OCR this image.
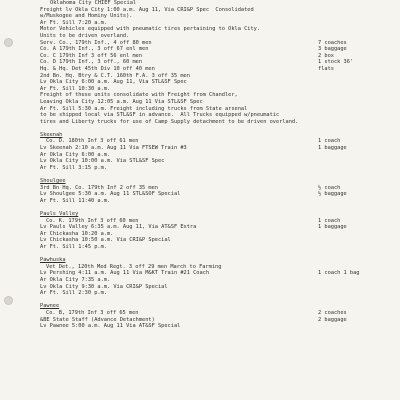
Oklahoma City CHIEF Special
Freight lv Okla City 1:00 a.m. Aug 11, Via CRI&P Spec  Consolidated
w/Muskogee and Hominy Units).
Ar Ft. Sill 7:20 a.m.
Motor Vehicles equipped with pneumatic tires pertaining to Okla City.
Units to be driven overland.
Serv. Co., 179th Inf., 4 off 80 men	7 coaches
Co. A 179th Inf., 3 off 67 enl men	3 baggage
Co. C 179th Inf 3 off 56 enl men	2 box
Co. D 179th Inf., 3 off., 60 men	1 stock 36'
Hq. & Hq. Det 45th Div 10 off 40 men	flats
2nd Bn. Hq. Btry & C.T. 160th F.A. 3 off 35 men
Lv Okla City 6:00 a.m. Aug 11, Via STL&SF Spec
Ar Ft. Sill 10:30 a.m.
Freight of these units consolidate with Freight from Chandler,
Leaving Okla City 12:05 a.m. Aug 11 Via STL&SF Spec
Ar Ft. Sill 5:30 a.m. Freight including trucks from State arsenal
to be shipped local via STL&SF in advance.  All Trucks equipped w/pneumatic
tires and Liberty trucks for use of Camp Supply detachment to be driven overland.
Skeenah
Co. D. 180th Inf 3 off 61 men	1 coach
Lv Skeenah 2:10 a.m. Aug 11 Via FTSEW Train #3	1 baggage
Ar Okla City 6:00 a.m.
Lv Okla City 10:00 a.m. Via STL&SF Spec
Ar Ft. Sill 3:15 p.m.
Shoulgee
3rd Bn Hq. Co. 179th Inf 2 off 35 men	½ coach
Lv Shoulgee 5:30 a.m. Aug 11 STL&SOF Special	½ baggage
Ar Ft. Sill 11:40 a.m.
Pauls Valley
Co. K. 179th Inf 3 off 60 men	1 coach
Lv Pauls Valley 6:35 a.m. Aug 11, Via AT&SF Extra	1 baggage
Ar Chickasha 10:20 a.m.
Lv Chickasha 10:50 a.m. Via CRI&P Special
Ar Ft. Sill 1:45 p.m.
Pawhuska
Vet Det., 120th Med Regt. 3 off 29 men March to Farming
Lv Pershing 4:11 a.m. Aug 11 Via M&KT Train #21 Coach	1 coach 1 bag
Ar Okla City 7:35 a.m.
Lv Okla City 9:30 a.m. Via CRI&P Special
Ar Ft. Sill 2:30 p.m.
Pawnee
Co. B, 179th Inf 3 off 65 men	2 coaches
&BE State Staff (Advance Detachment)	2 baggage
Lv Pawnee 5:00 a.m. Aug 11 Via AT&SF Special
